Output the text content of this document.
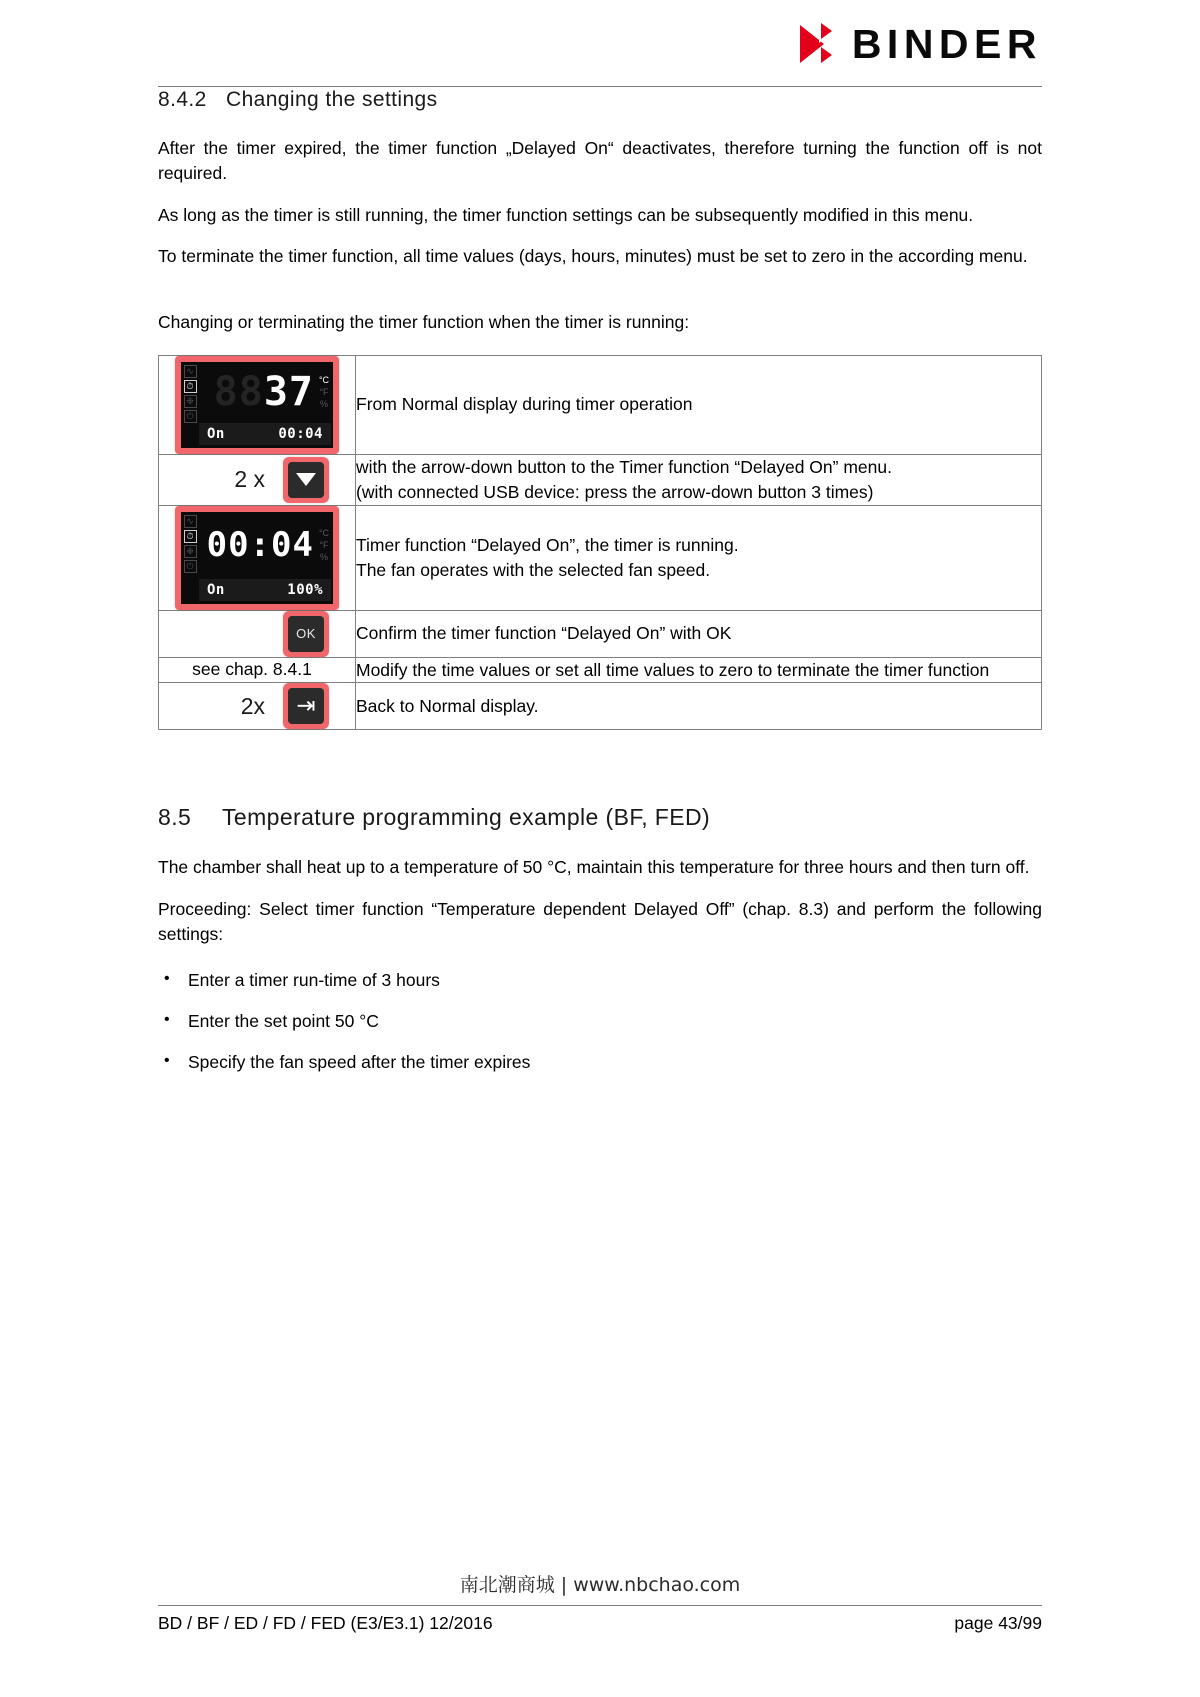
BINDER
8.4.2 Changing the settings

After the timer expired, the timer function „Delayed On“ deactivates, therefore turning the function off is not required.

As long as the timer is still running, the timer function settings can be subsequently modified in this menu.

To terminate the timer function, all time values (days, hours, minutes) must be set to zero in the according menu.

Changing or terminating the timer function when the timer is running:

∿
⏱
❉
⏻
88 37 °C
°F
%
On	00:04
	From Normal display during timer operation

2 x	with the arrow-down button to the Timer function “Delayed On” menu.
(with connected USB device: press the arrow-down button 3 times)

∿
⏱
❉
⏻
00:04 °C
°F
%
On	100%

Timer function “Delayed On”, the timer is running.
The fan operates with the selected fan speed.

OK	Confirm the timer function “Delayed On” with OK

see chap. 8.4.1	Modify the time values or set all time values to zero to terminate the timer function

2x ⇥	Back to Normal display.
8.5 Temperature programming example (BF, FED)

The chamber shall heat up to a temperature of 50 °C, maintain this temperature for three hours and then turn off.

Proceeding: Select timer function “Temperature dependent Delayed Off” (chap. 8.3) and perform the following settings:

• Enter a timer run-time of 3 hours
• Enter the set point 50 °C
• Specify the fan speed after the timer expires
南北潮商城 | www.nbchao.com
BD / BF / ED / FD / FED (E3/E3.1) 12/2016	page 43/99
